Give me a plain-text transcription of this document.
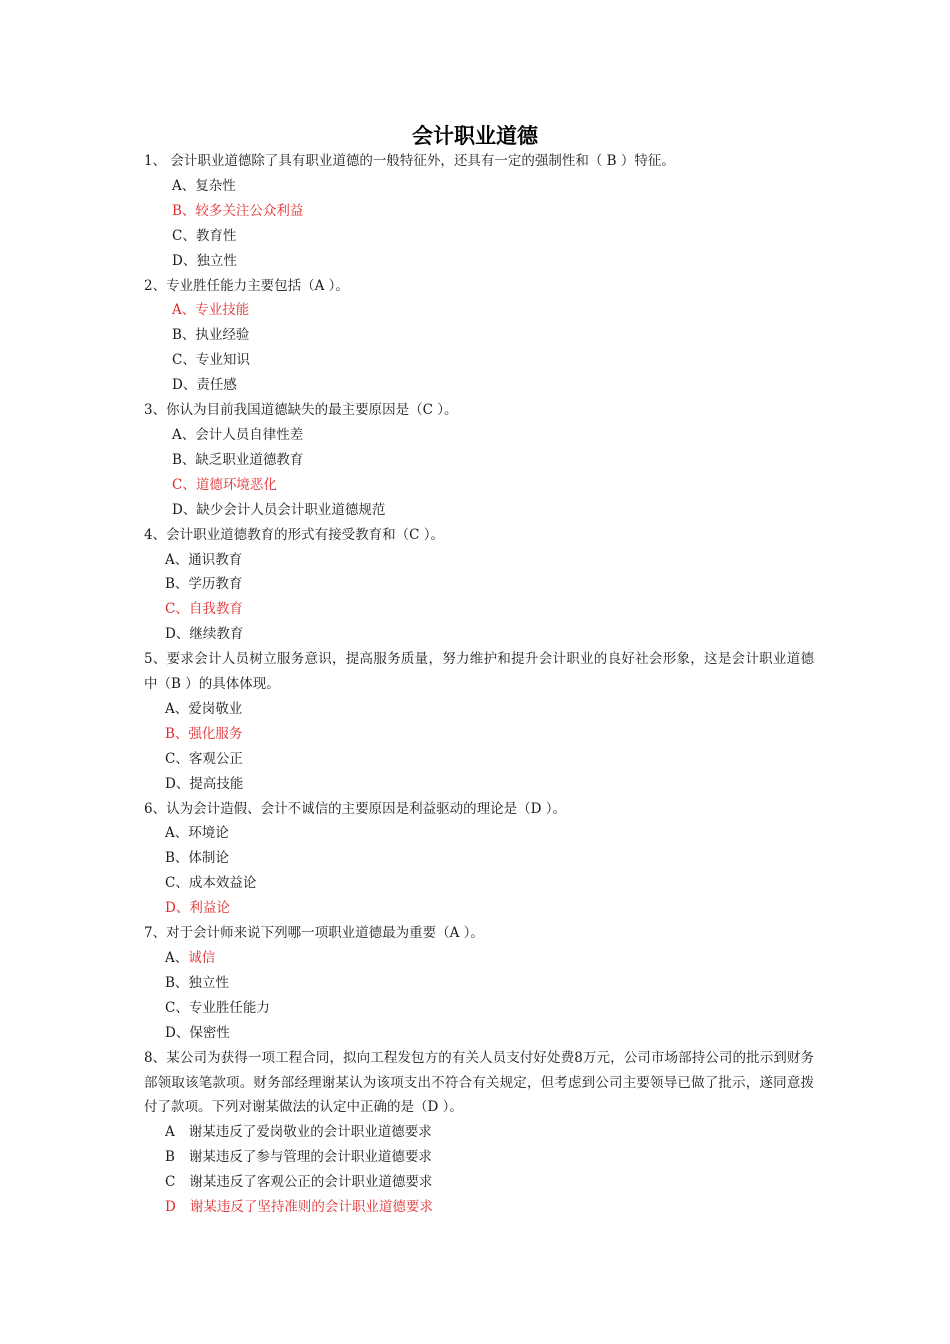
会计职业道德

1、 会计职业道德除了具有职业道德的一般特征外，还具有一定的强制性和（ B ）特征。

A、复杂性

B、较多关注公众利益

C、教育性

D、独立性

2、专业胜任能力主要包括（A ）。

A、专业技能

B、执业经验

C、专业知识

D、责任感

3、你认为目前我国道德缺失的最主要原因是（C ）。

A、会计人员自律性差

B、缺乏职业道德教育

C、道德环境恶化

D、缺少会计人员会计职业道德规范

4、会计职业道德教育的形式有接受教育和（C ）。

A、通识教育

B、学历教育

C、自我教育

D、继续教育

5、要求会计人员树立服务意识，提高服务质量，努力维护和提升会计职业的良好社会形象，这是会计职业道德中（B ）的具体体现。

A、爱岗敬业

B、强化服务

C、客观公正

D、提高技能

6、认为会计造假、会计不诚信的主要原因是利益驱动的理论是（D ）。

A、环境论

B、体制论

C、成本效益论

D、利益论

7、对于会计师来说下列哪一项职业道德最为重要（A ）。

A、诚信

B、独立性

C、专业胜任能力

D、保密性

8、某公司为获得一项工程合同，拟向工程发包方的有关人员支付好处费8万元，公司市场部持公司的批示到财务部领取该笔款项。财务部经理谢某认为该项支出不符合有关规定，但考虑到公司主要领导已做了批示，遂同意拨付了款项。下列对谢某做法的认定中正确的是（D ）。

A 谢某违反了爱岗敬业的会计职业道德要求

B 谢某违反了参与管理的会计职业道德要求

C 谢某违反了客观公正的会计职业道德要求

D 谢某违反了坚持准则的会计职业道德要求
